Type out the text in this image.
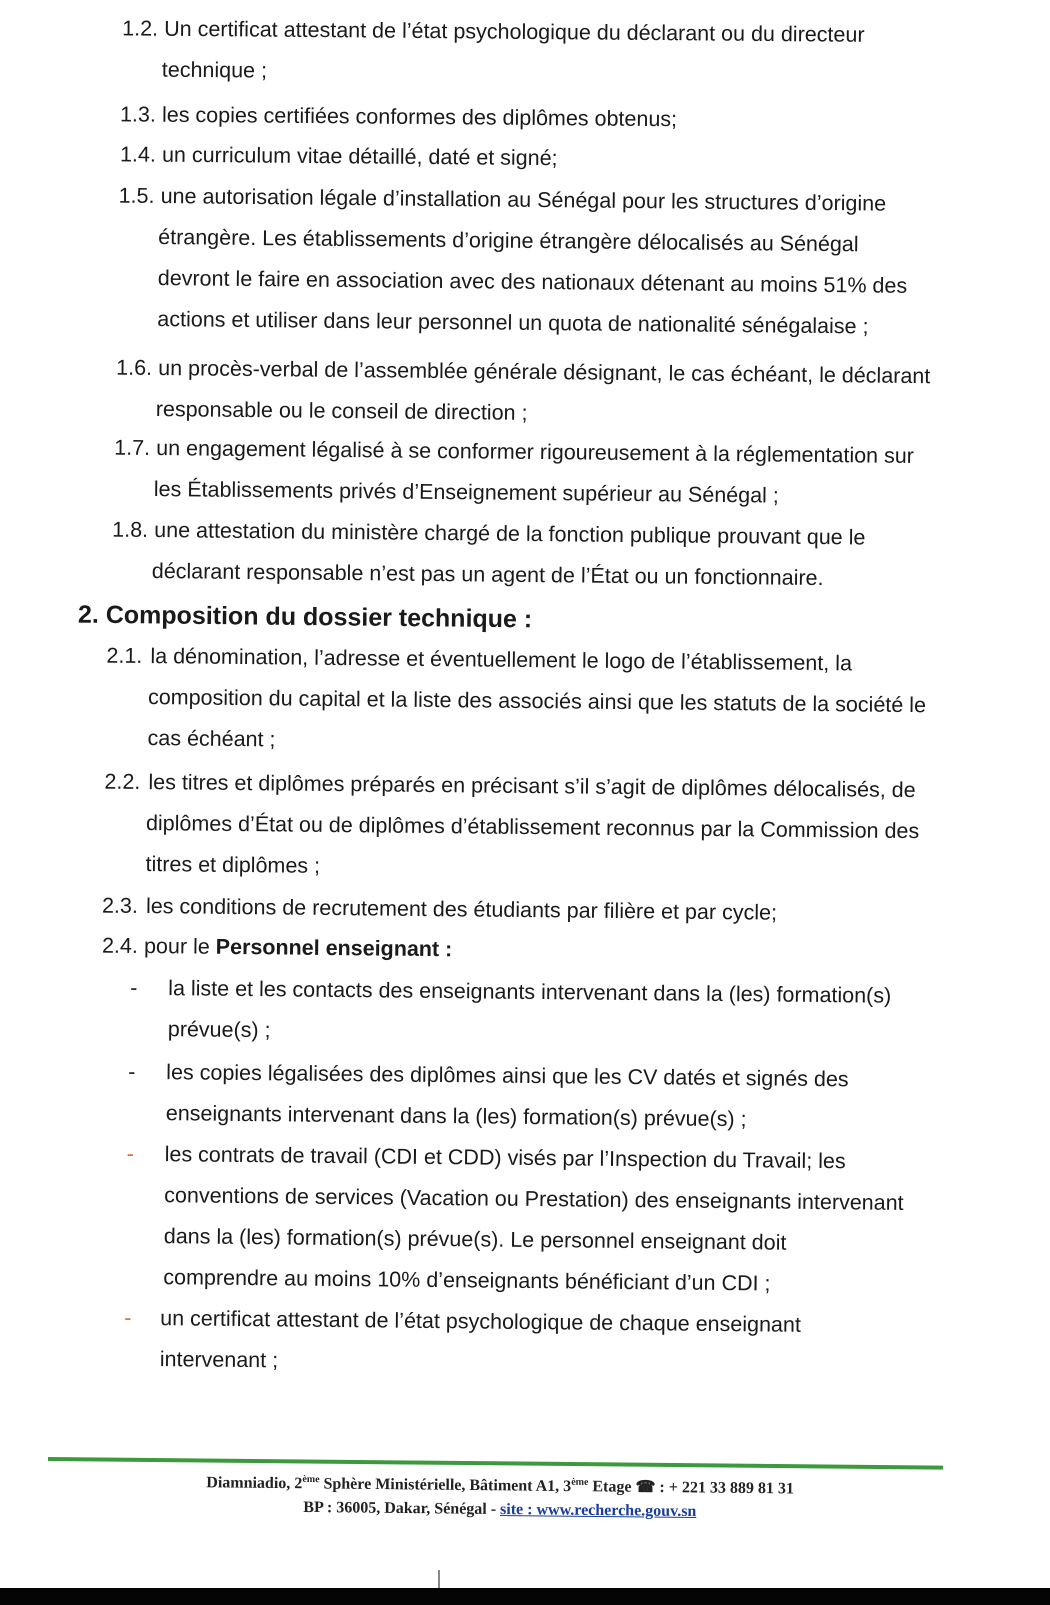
1.2. Un certificat attestant de l’état psychologique du déclarant ou du directeur
technique ;
1.3. les copies certifiées conformes des diplômes obtenus;
1.4. un curriculum vitae détaillé, daté et signé;
1.5. une autorisation légale d’installation au Sénégal pour les structures d’origine
étrangère. Les établissements d’origine étrangère délocalisés au Sénégal
devront le faire en association avec des nationaux détenant au moins 51% des
actions et utiliser dans leur personnel un quota de nationalité sénégalaise ;
1.6. un procès-verbal de l’assemblée générale désignant, le cas échéant, le déclarant
responsable ou le conseil de direction ;
1.7. un engagement légalisé à se conformer rigoureusement à la réglementation sur
les Établissements privés d’Enseignement supérieur au Sénégal ;
1.8. une attestation du ministère chargé de la fonction publique prouvant que le
déclarant responsable n’est pas un agent de l’État ou un fonctionnaire.
2. Composition du dossier technique :
2.1. la dénomination, l’adresse et éventuellement le logo de l’établissement, la
composition du capital et la liste des associés ainsi que les statuts de la société le
cas échéant ;
2.2. les titres et diplômes préparés en précisant s’il s’agit de diplômes délocalisés, de
diplômes d’État ou de diplômes d’établissement reconnus par la Commission des
titres et diplômes ;
2.3. les conditions de recrutement des étudiants par filière et par cycle;
2.4. pour le Personnel enseignant :
-	la liste et les contacts des enseignants intervenant dans la (les) formation(s)
prévue(s) ;
-	les copies légalisées des diplômes ainsi que les CV datés et signés des
enseignants intervenant dans la (les) formation(s) prévue(s) ;
-	les contrats de travail (CDI et CDD) visés par l’Inspection du Travail; les
conventions de services (Vacation ou Prestation) des enseignants intervenant
dans la (les) formation(s) prévue(s). Le personnel enseignant doit
comprendre au moins 10% d’enseignants bénéficiant d’un CDI ;
-	un certificat attestant de l’état psychologique de chaque enseignant
intervenant ;
Diamniadio, 2ème Sphère Ministérielle, Bâtiment A1, 3ème Etage ☎ : + 221 33 889 81 31
BP : 36005, Dakar, Sénégal - site : www.recherche.gouv.sn
